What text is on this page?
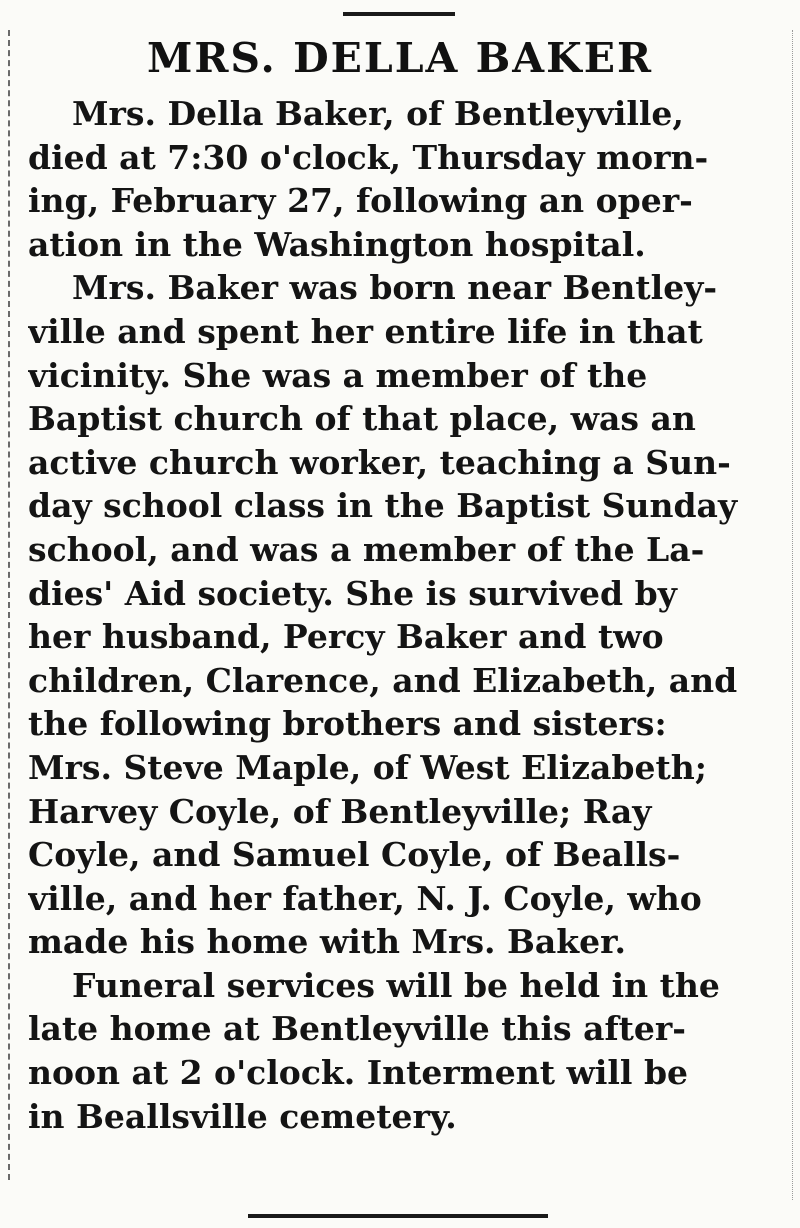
MRS. DELLA BAKER
Mrs. Della Baker, of Bentleyville,
died at 7:30 o'clock, Thursday morn-
ing, February 27, following an oper-
ation in the Washington hospital.
Mrs. Baker was born near Bentley-
ville and spent her entire life in that
vicinity. She was a member of the
Baptist church of that place, was an
active church worker, teaching a Sun-
day school class in the Baptist Sunday
school, and was a member of the La-
dies' Aid society. She is survived by
her husband, Percy Baker and two
children, Clarence, and Elizabeth, and
the following brothers and sisters:
Mrs. Steve Maple, of West Elizabeth;
Harvey Coyle, of Bentleyville; Ray
Coyle, and Samuel Coyle, of Bealls-
ville, and her father, N. J. Coyle, who
made his home with Mrs. Baker.
Funeral services will be held in the
late home at Bentleyville this after-
noon at 2 o'clock. Interment will be
in Beallsville cemetery.
